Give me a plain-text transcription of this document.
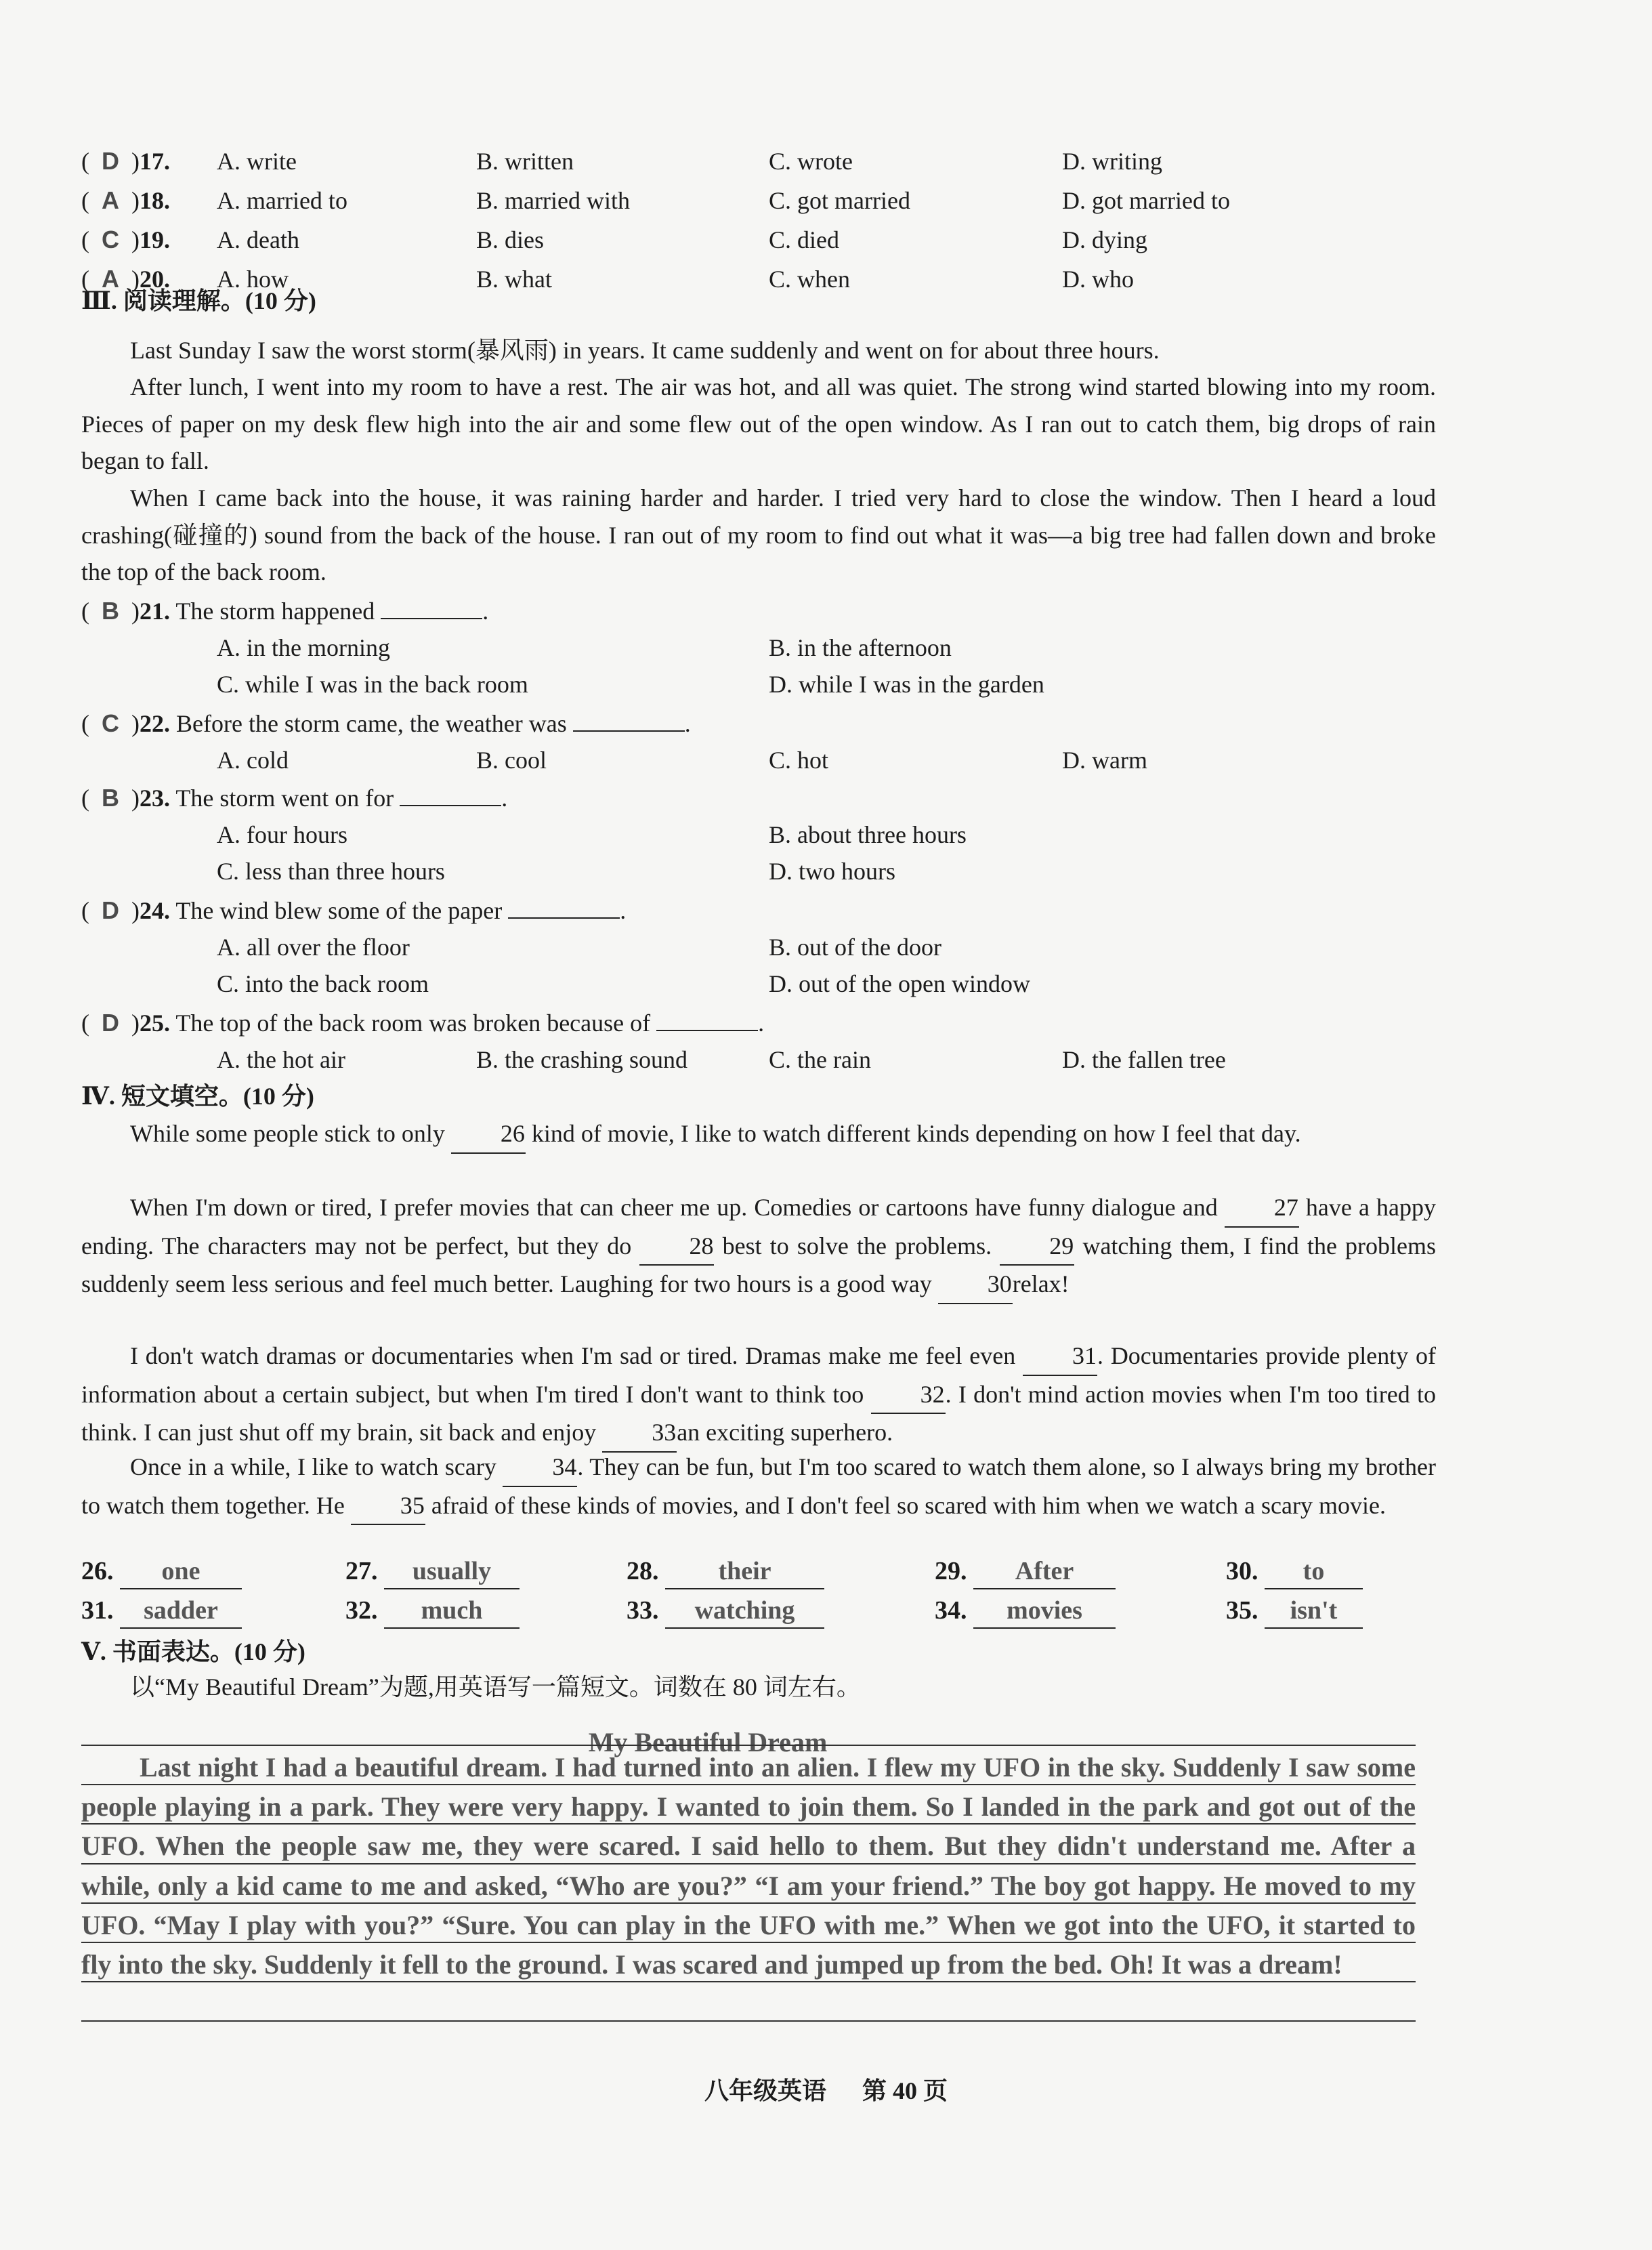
(  D  )17. A. write	B. written	C. wrote	D. writing
(  A  )18. A. married to	B. married with	C. got married	D. got married to
(  C  )19. A. death	B. dies	C. died	D. dying
(  A  )20. A. how	B. what	C. when	D. who
Ⅲ. 阅读理解。(10 分)
Last Sunday I saw the worst storm(暴风雨) in years. It came suddenly and went on for about three hours.
After lunch, I went into my room to have a rest. The air was hot, and all was quiet. The strong wind started blowing into my room. Pieces of paper on my desk flew high into the air and some flew out of the open window. As I ran out to catch them, big drops of rain began to fall.
When I came back into the house, it was raining harder and harder. I tried very hard to close the window. Then I heard a loud crashing(碰撞的) sound from the back of the house. I ran out of my room to find out what it was—a big tree had fallen down and broke the top of the back room.
(  B  )21. The storm happened	.
A. in the morning	B. in the afternoon
C. while I was in the back room	D. while I was in the garden
(  C  )22. Before the storm came, the weather was	.
A. cold	B. cool	C. hot	D. warm
(  B  )23. The storm went on for	.
A. four hours	B. about three hours
C. less than three hours	D. two hours
(  D  )24. The wind blew some of the paper	.
A. all over the floor	B. out of the door
C. into the back room	D. out of the open window
(  D  )25. The top of the back room was broken because of	.
A. the hot air	B. the crashing sound	C. the rain	D. the fallen tree
Ⅳ. 短文填空。(10 分)
While some people stick to only 26 kind of movie, I like to watch different kinds depending on how I feel that day.
When I'm down or tired, I prefer movies that can cheer me up. Comedies or cartoons have funny dialogue and 27 have a happy ending. The characters may not be perfect, but they do 28 best to solve the problems. 29 watching them, I find the problems suddenly seem less serious and feel much better. Laughing for two hours is a good way 30relax!
I don't watch dramas or documentaries when I'm sad or tired. Dramas make me feel even 31. Documentaries provide plenty of information about a certain subject, but when I'm tired I don't want to think too 32. I don't mind action movies when I'm too tired to think. I can just shut off my brain, sit back and enjoy 33an exciting superhero.
Once in a while, I like to watch scary 34. They can be fun, but I'm too scared to watch them alone, so I always bring my brother to watch them together. He 35 afraid of these kinds of movies, and I don't feel so scared with him when we watch a scary movie.
26. one	27. usually	28. their	29. After	30. to
31. sadder	32. much	33. watching	34. movies	35. isn't
Ⅴ. 书面表达。(10 分)
以“My Beautiful Dream”为题,用英语写一篇短文。词数在 80 词左右。
My Beautiful Dream
Last night I had a beautiful dream. I had turned into an alien. I flew my UFO in the sky. Suddenly I saw some people playing in a park. They were very happy. I wanted to join them. So I landed in the park and got out of the UFO. When the people saw me, they were scared. I said hello to them. But they didn't understand me. After a while, only a kid came to me and asked, “Who are you?” “I am your friend.” The boy got happy. He moved to my UFO. “May I play with you?” “Sure. You can play in the UFO with me.” When we got into the UFO, it started to fly into the sky. Suddenly it fell to the ground. I was scared and jumped up from the bed. Oh! It was a dream!
八年级英语 第 40 页
